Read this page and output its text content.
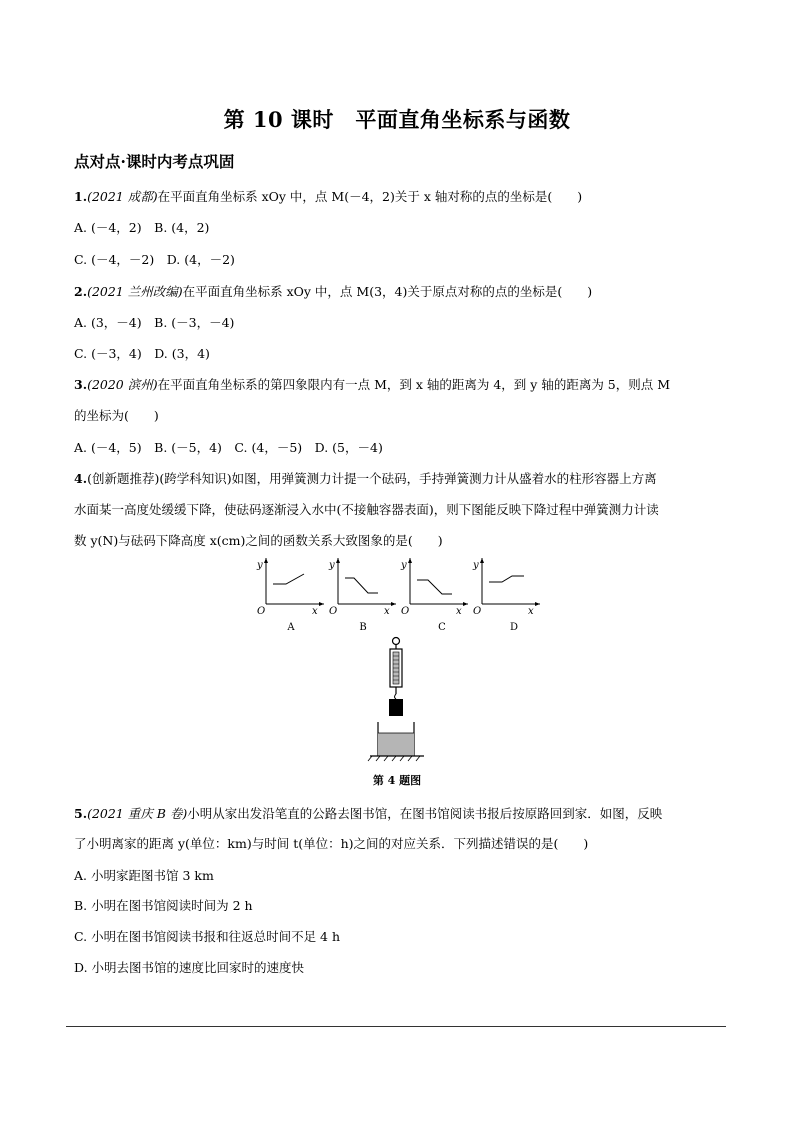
第 10 课时　平面直角坐标系与函数
点对点·课时内考点巩固
1.(2021 成都)在平面直角坐标系 xOy 中，点 M(－4，2)关于 x 轴对称的点的坐标是(　　)
A. (－4，2)　B. (4，2)
C. (－4，－2)　D. (4，－2)
2.(2021 兰州改编)在平面直角坐标系 xOy 中，点 M(3，4)关于原点对称的点的坐标是(　　)
A. (3，－4)　B. (－3，－4)
C. (－3，4)　D. (3，4)
3.(2020 滨州)在平面直角坐标系的第四象限内有一点 M，到 x 轴的距离为 4，到 y 轴的距离为 5，则点 M
的坐标为(　　)
A. (－4，5)　B. (－5，4)　C. (4，－5)　D. (5，－4)
4.(创新题推荐)(跨学科知识)如图，用弹簧测力计提一个砝码，手持弹簧测力计从盛着水的柱形容器上方离
水面某一高度处缓缓下降，使砝码逐渐浸入水中(不接触容器表面)，则下图能反映下降过程中弹簧测力计读
数 y(N)与砝码下降高度 x(cm)之间的函数关系大致图象的是(　　)
y
x
O
A
y
x
O
B
y
x
O
C
y
x
O
D
第 4 题图
5.(2021 重庆 B 卷)小明从家出发沿笔直的公路去图书馆，在图书馆阅读书报后按原路回到家．如图，反映
了小明离家的距离 y(单位：km)与时间 t(单位：h)之间的对应关系．下列描述错误的是(　　)
A. 小明家距图书馆 3 km
B. 小明在图书馆阅读时间为 2 h
C. 小明在图书馆阅读书报和往返总时间不足 4 h
D. 小明去图书馆的速度比回家时的速度快
